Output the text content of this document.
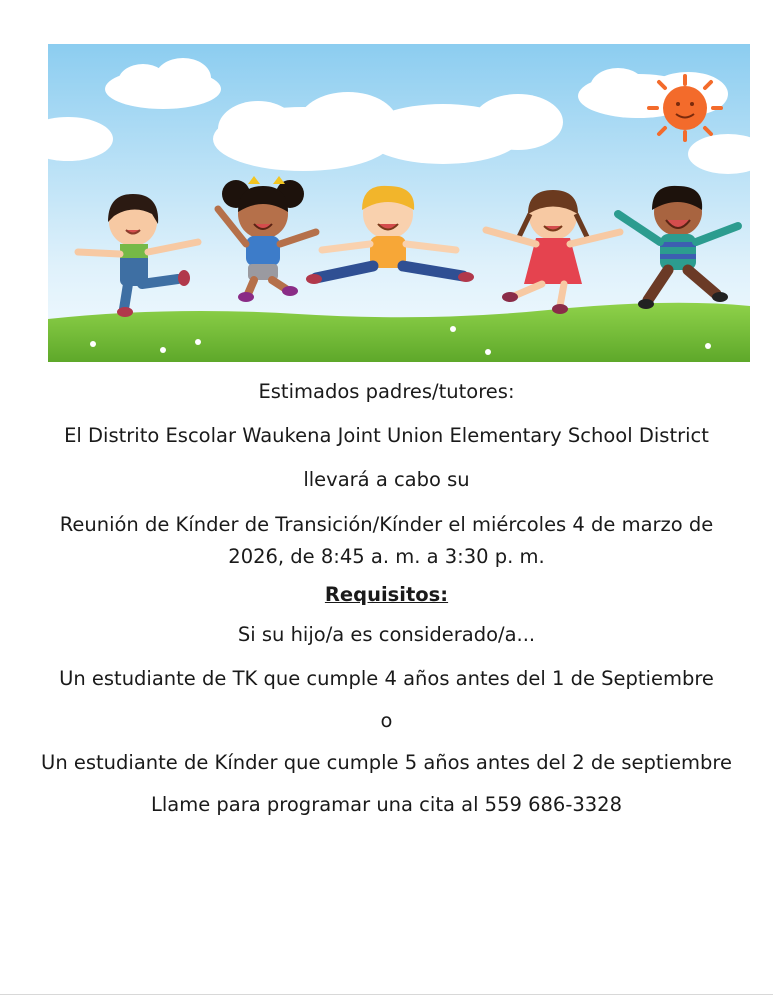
Estimados padres/tutores:

El Distrito Escolar Waukena Joint Union Elementary School District

llevará a cabo su

Reunión de Kínder de Transición/Kínder el miércoles 4 de marzo de

2026, de 8:45 a. m. a 3:30 p. m.

Requisitos:

Si su hijo/a es considerado/a...

Un estudiante de TK que cumple 4 años antes del 1 de Septiembre

o

Un estudiante de Kínder que cumple 5 años antes del 2 de septiembre

Llame para programar una cita al 559 686-3328
